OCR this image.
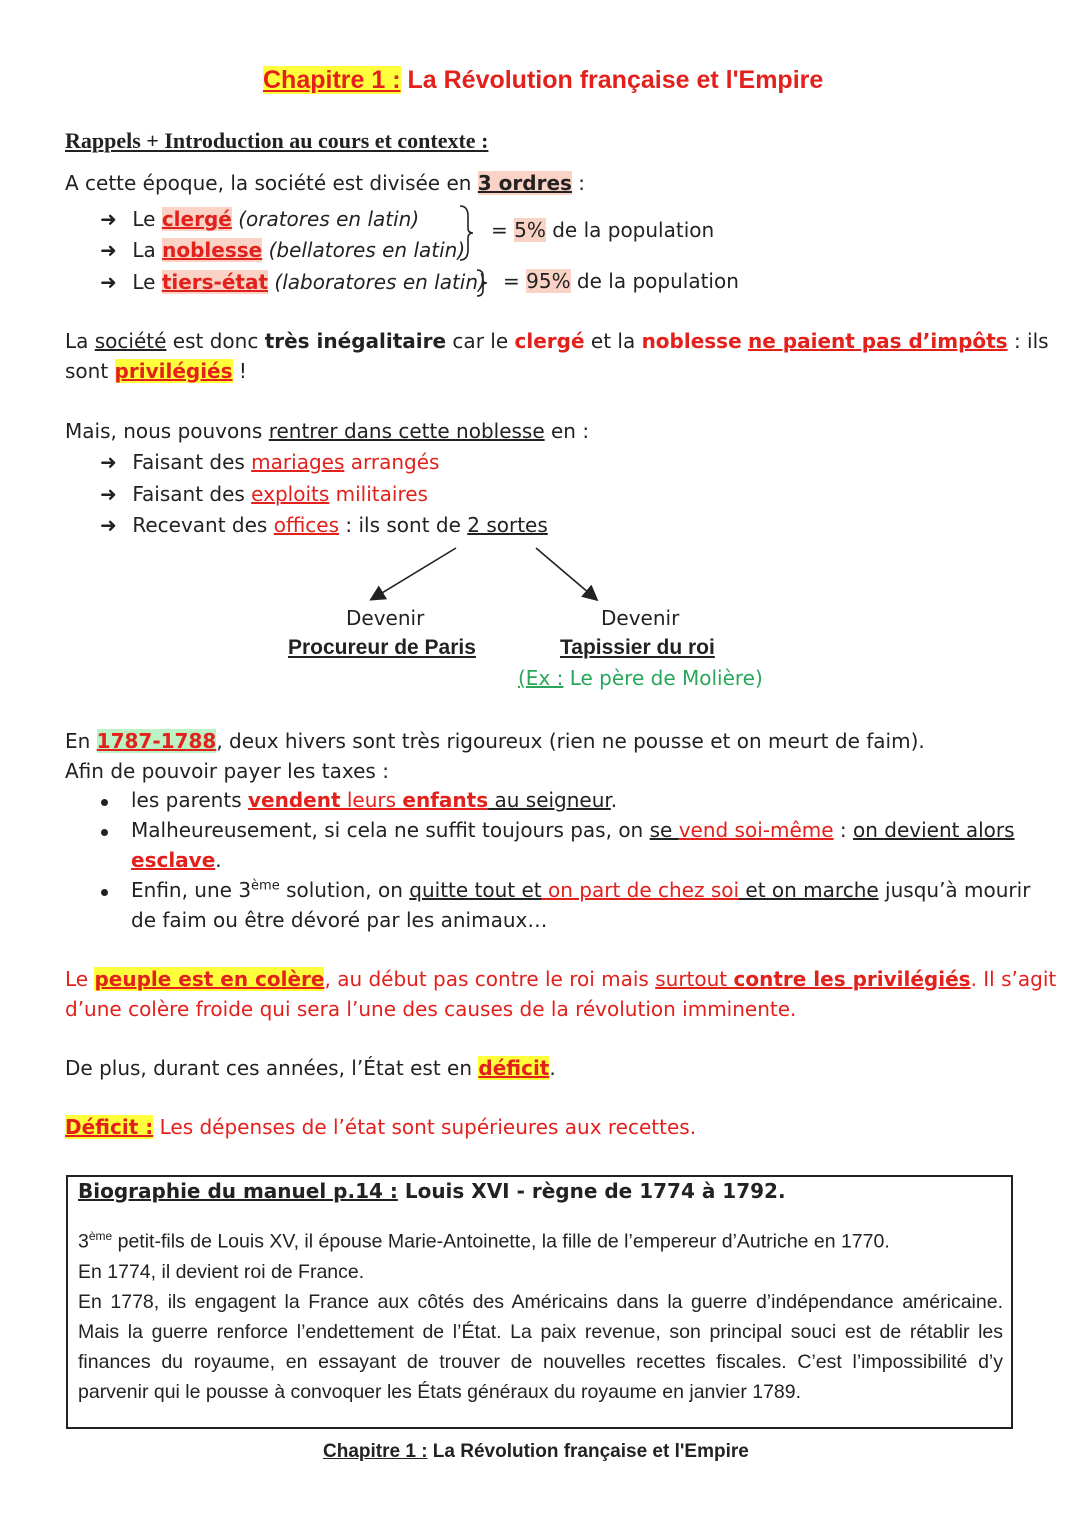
Chapitre 1 : La Révolution française et l'Empire
Rappels + Introduction au cours et contexte :
A cette époque, la société est divisée en 3 ordres :
➜ Le clergé (oratores en latin)
➜ La noblesse (bellatores en latin)
➜ Le tiers-état (laboratores en latin)
= 5% de la population
= 95% de la population
La société est donc très inégalitaire car le clergé et la noblesse ne paient pas d’impôts : ils
sont privilégiés !
Mais, nous pouvons rentrer dans cette noblesse en :
➜ Faisant des mariages arrangés
➜ Faisant des exploits militaires
➜ Recevant des offices : ils sont de 2 sortes
Devenir
Procureur de Paris
Devenir
Tapissier du roi
(Ex : Le père de Molière)
En 1787-1788, deux hivers sont très rigoureux (rien ne pousse et on meurt de faim).
Afin de pouvoir payer les taxes :
les parents vendent leurs enfants au seigneur.
Malheureusement, si cela ne suffit toujours pas, on se vend soi-même : on devient alors
esclave.
Enfin, une 3ème solution, on quitte tout et on part de chez soi et on marche jusqu’à mourir
de faim ou être dévoré par les animaux…
Le peuple est en colère, au début pas contre le roi mais surtout contre les privilégiés. Il s’agit
d’une colère froide qui sera l’une des causes de la révolution imminente.
De plus, durant ces années, l’État est en déficit.
Déficit : Les dépenses de l’état sont supérieures aux recettes.
Biographie du manuel p.14 : Louis XVI - règne de 1774 à 1792.
3ème petit-fils de Louis XV, il épouse Marie-Antoinette, la fille de l’empereur d’Autriche en 1770.
En 1774, il devient roi de France.
En 1778, ils engagent la France aux côtés des Américains dans la guerre d’indépendance américaine. Mais la guerre renforce l’endettement de l’État. La paix revenue, son principal souci est de rétablir les finances du royaume, en essayant de trouver de nouvelles recettes fiscales. C’est l’impossibilité d’y parvenir qui le pousse à convoquer les États généraux du royaume en janvier 1789.
Chapitre 1 : La Révolution française et l'Empire
